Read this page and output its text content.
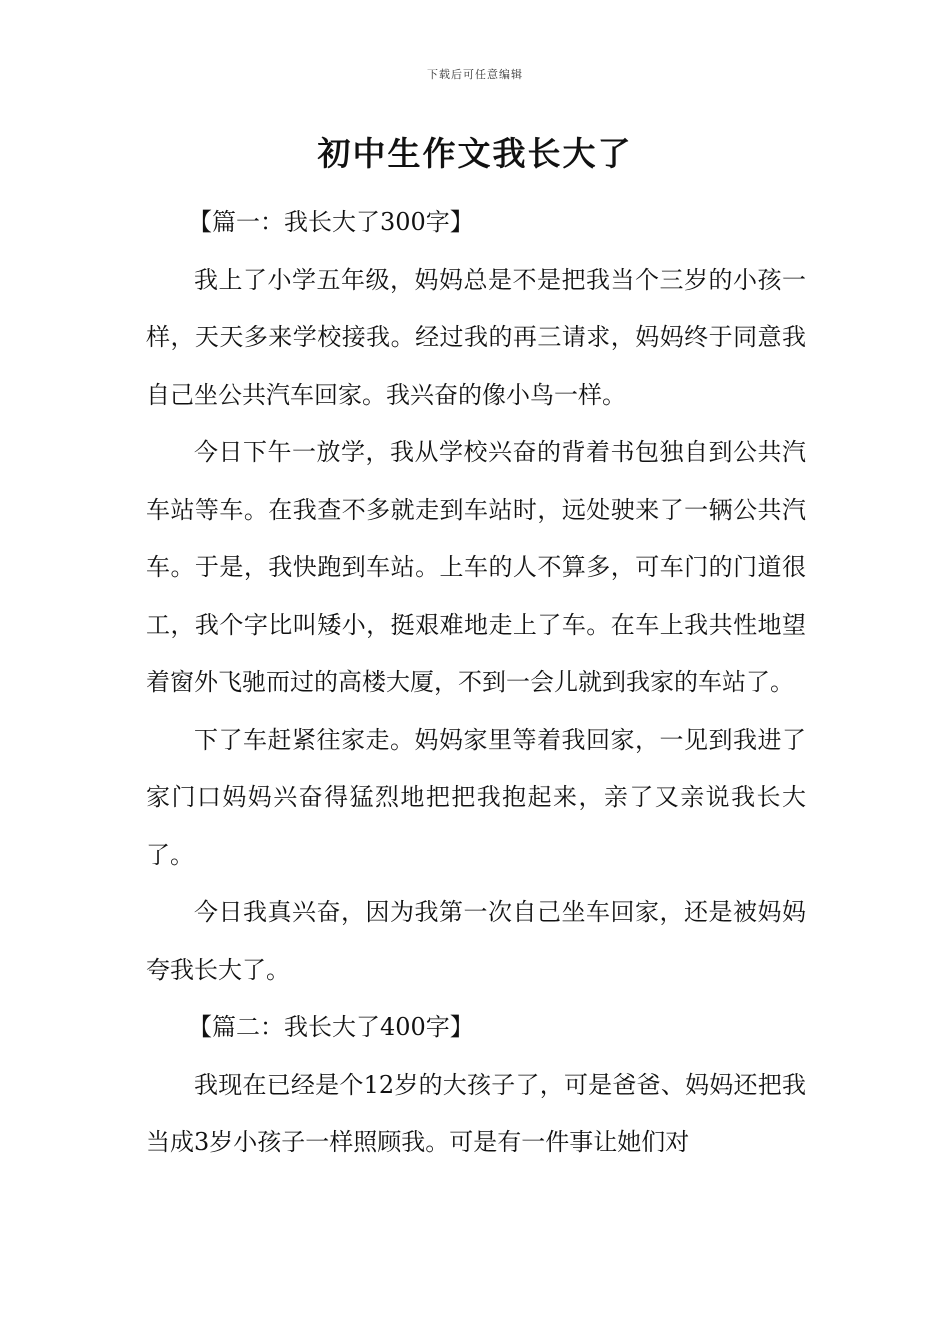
下载后可任意编辑
初中生作文我长大了

【篇一：我长大了300字】

我上了小学五年级，妈妈总是不是把我当个三岁的小孩一样，天天多来学校接我。经过我的再三请求，妈妈终于同意我自己坐公共汽车回家。我兴奋的像小鸟一样。

今日下午一放学，我从学校兴奋的背着书包独自到公共汽车站等车。在我查不多就走到车站时，远处驶来了一辆公共汽车。于是，我快跑到车站。上车的人不算多，可车门的门道很工，我个字比叫矮小，挺艰难地走上了车。在车上我共性地望着窗外飞驰而过的高楼大厦，不到一会儿就到我家的车站了。

下了车赶紧往家走。妈妈家里等着我回家，一见到我进了家门口妈妈兴奋得猛烈地把把我抱起来，亲了又亲说我长大了。

今日我真兴奋，因为我第一次自己坐车回家，还是被妈妈夸我长大了。

【篇二：我长大了400字】

我现在已经是个12岁的大孩子了，可是爸爸、妈妈还把我当成3岁小孩子一样照顾我。可是有一件事让她们对
